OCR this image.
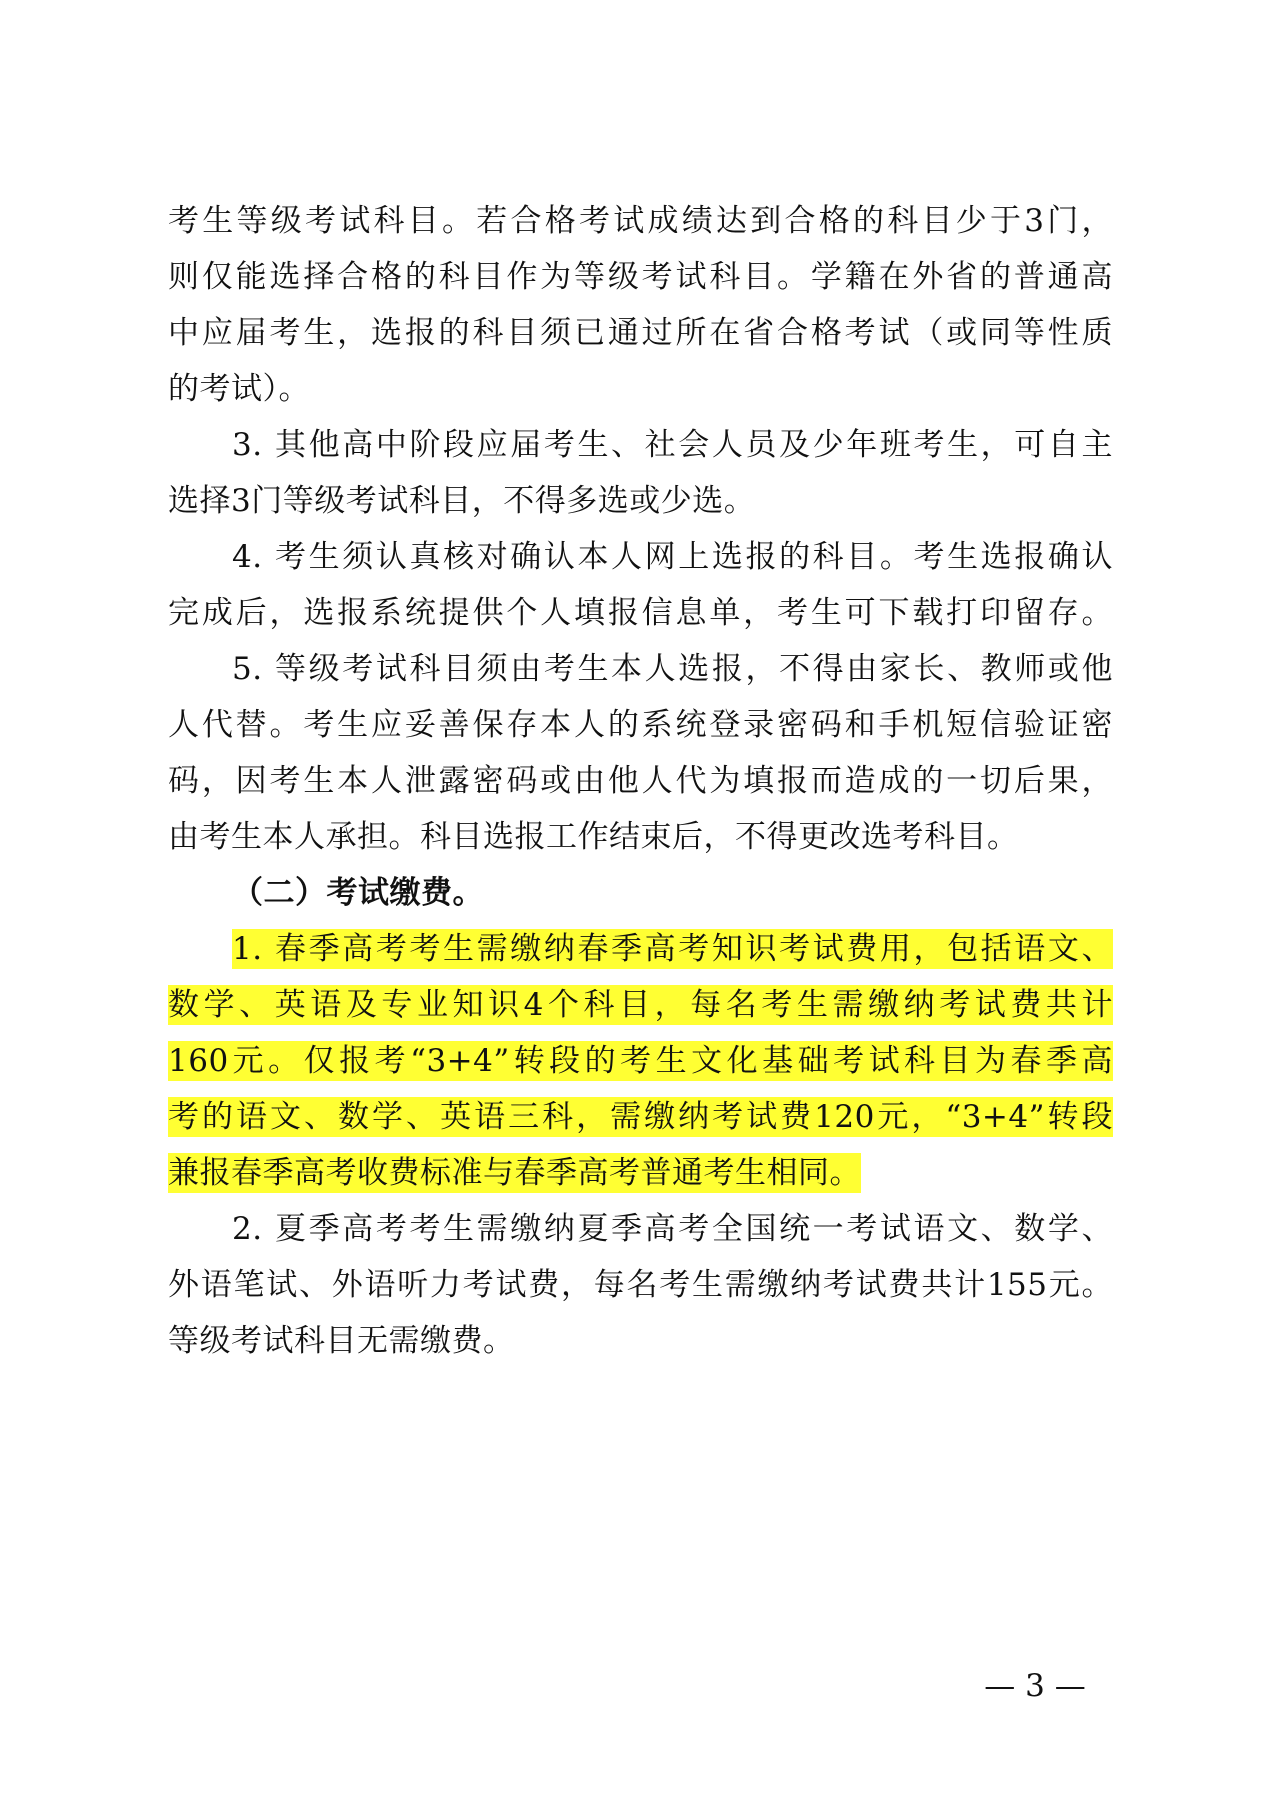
考生等级考试科目。若合格考试成绩达到合格的科目少于3门，
则仅能选择合格的科目作为等级考试科目。学籍在外省的普通高
中应届考生，选报的科目须已通过所在省合格考试（或同等性质
的考试）。
3. 其他高中阶段应届考生、社会人员及少年班考生，可自主
选择3门等级考试科目，不得多选或少选。
4. 考生须认真核对确认本人网上选报的科目。考生选报确认
完成后，选报系统提供个人填报信息单，考生可下载打印留存。
5. 等级考试科目须由考生本人选报，不得由家长、教师或他
人代替。考生应妥善保存本人的系统登录密码和手机短信验证密
码，因考生本人泄露密码或由他人代为填报而造成的一切后果，
由考生本人承担。科目选报工作结束后，不得更改选考科目。
（二）考试缴费。
1. 春季高考考生需缴纳春季高考知识考试费用，包括语文、
数学、英语及专业知识4个科目，每名考生需缴纳考试费共计
160元。仅报考“3+4”转段的考生文化基础考试科目为春季高
考的语文、数学、英语三科，需缴纳考试费120元，“3+4”转段
兼报春季高考收费标准与春季高考普通考生相同。
2. 夏季高考考生需缴纳夏季高考全国统一考试语文、数学、
外语笔试、外语听力考试费，每名考生需缴纳考试费共计155元。
等级考试科目无需缴费。
— 3 —
